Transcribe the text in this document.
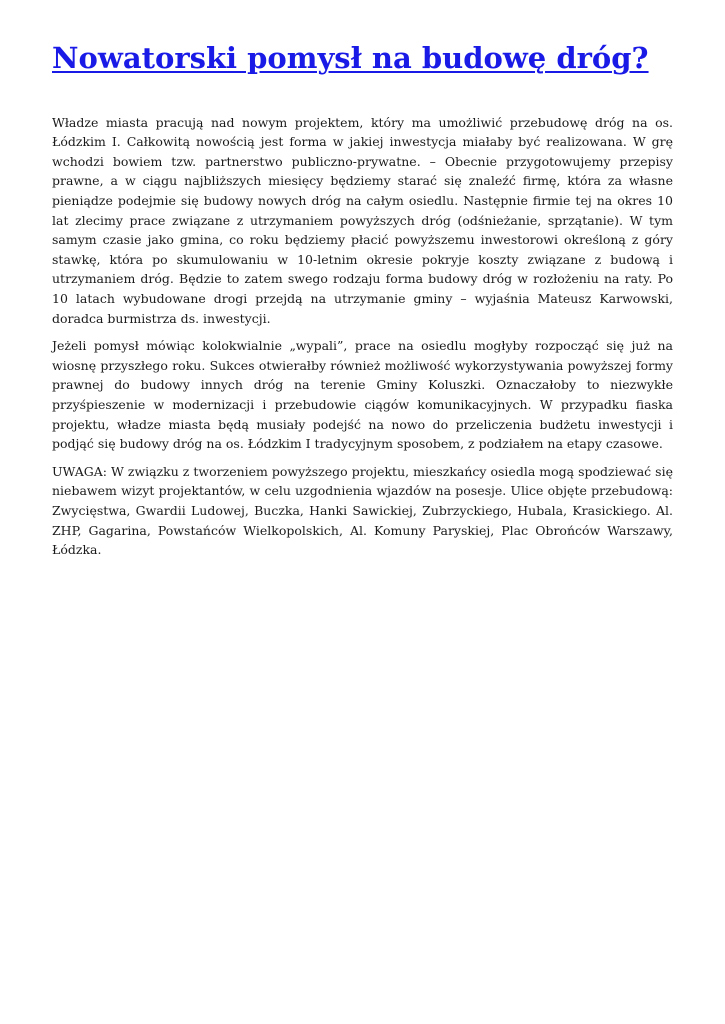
Nowatorski pomysł na budowę dróg?

Władze miasta pracują nad nowym projektem, który ma umożliwić przebudowę dróg na os. Łódzkim I. Całkowitą nowością jest forma w jakiej inwestycja miałaby być realizowana. W grę wchodzi bowiem tzw. partnerstwo publiczno-prywatne. – Obecnie przygotowujemy przepisy prawne, a w ciągu najbliższych miesięcy będziemy starać się znaleźć firmę, która za własne pieniądze podejmie się budowy nowych dróg na całym osiedlu. Następnie firmie tej na okres 10 lat zlecimy prace związane z utrzymaniem powyższych dróg (odśnieżanie, sprzątanie). W tym samym czasie jako gmina, co roku będziemy płacić powyższemu inwestorowi określoną z góry stawkę, która po skumulowaniu w 10-letnim okresie pokryje koszty związane z budową i utrzymaniem dróg. Będzie to zatem swego rodzaju forma budowy dróg w rozłożeniu na raty. Po 10 latach wybudowane drogi przejdą na utrzymanie gminy – wyjaśnia Mateusz Karwowski, doradca burmistrza ds. inwestycji.

Jeżeli pomysł mówiąc kolokwialnie „wypali”, prace na osiedlu mogłyby rozpocząć się już na wiosnę przyszłego roku. Sukces otwierałby również możliwość wykorzystywania powyższej formy prawnej do budowy innych dróg na terenie Gminy Koluszki. Oznaczałoby to niezwykłe przyśpieszenie w modernizacji i przebudowie ciągów komunikacyjnych. W przypadku fiaska projektu, władze miasta będą musiały podejść na nowo do przeliczenia budżetu inwestycji i podjąć się budowy dróg na os. Łódzkim I tradycyjnym sposobem, z podziałem na etapy czasowe.

UWAGA: W związku z tworzeniem powyższego projektu, mieszkańcy osiedla mogą spodziewać się niebawem wizyt projektantów, w celu uzgodnienia wjazdów na posesje. Ulice objęte przebudową: Zwycięstwa, Gwardii Ludowej, Buczka, Hanki Sawickiej, Zubrzyckiego, Hubala, Krasickiego. Al. ZHP, Gagarina, Powstańców Wielkopolskich, Al. Komuny Paryskiej, Plac Obrońców Warszawy, Łódzka.
